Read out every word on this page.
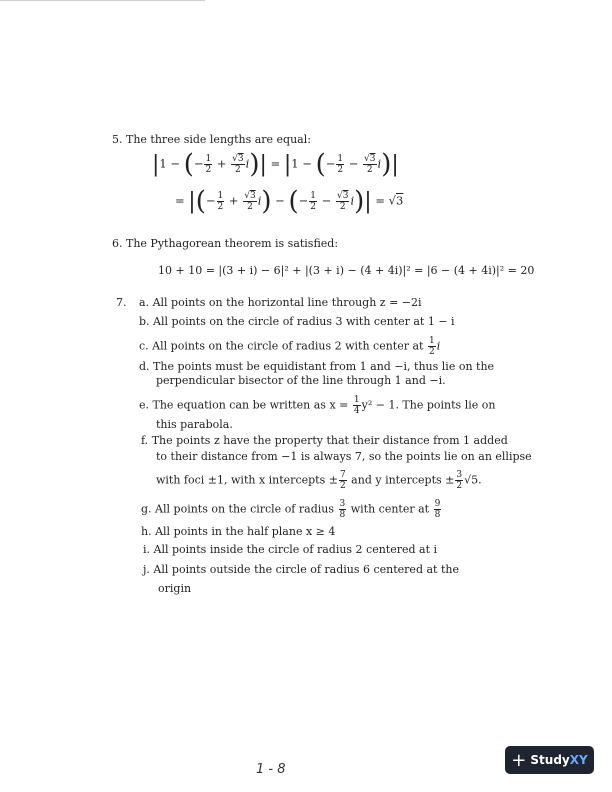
5. The three side lengths are equal:
|1 − (− $\frac{1}{2} + \frac{√3}{2} i)| = |1$ − (− $\frac{1}{2} - \frac{√3}{2} i)|$
= |(− $\frac{1}{2} + \frac{√3}{2} i$) − (− $\frac{1}{2} - \frac{√3}{2} i)| = √3$
6. The Pythagorean theorem is satisfied:
10 + 10 = |(3 + i) − 6|² + |(3 + i) − (4 + 4i)|² = |6 − (4 + 4i)|² = 20
7. a. All points on the horizontal line through z = −2i
b. All points on the circle of radius 3 with center at 1 − i
c. All points on the circle of radius 2 with center at $\frac{1}{2}$ i
d. The points must be equidistant from 1 and −i, thus lie on the
perpendicular bisector of the line through 1 and −i.
e. The equation can be written as $x = \frac{1}{4} y^2 - 1$. The points lie on
this parabola.
f. The points z have the property that their distance from 1 added
to their distance from −1 is always 7, so the points lie on an ellipse
with foci ±1, with x intercepts ± $\frac{7}{2}$ and y intercepts ± $\frac{3}{2} √5$.
g. All points on the circle of radius $\frac{3}{8}$ with center at $\frac{9}{8}$
h. All points in the half plane x ≥ 4
i. All points inside the circle of radius 2 centered at i
j. All points outside the circle of radius 6 centered at the
origin
1 - 8	+ Study XY
